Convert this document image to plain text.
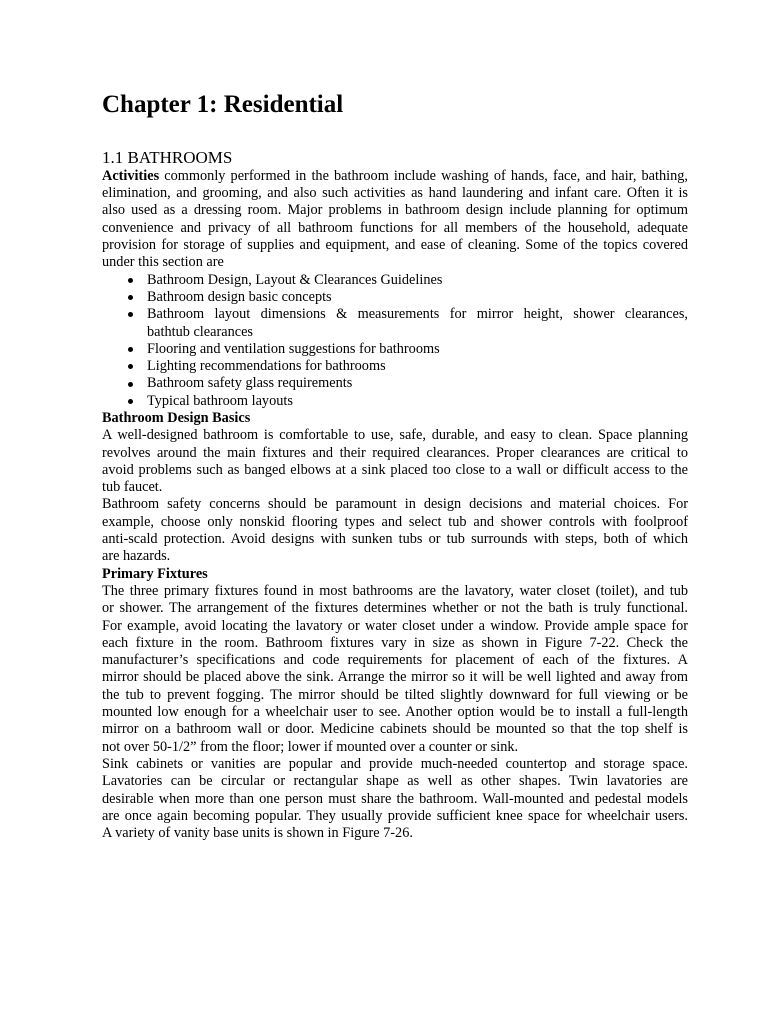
Chapter 1: Residential
1.1 BATHROOMS
Activities commonly performed in the bathroom include washing of hands, face, and hair, bathing,
elimination, and grooming, and also such activities as hand laundering and infant care. Often it is
also used as a dressing room. Major problems in bathroom design include planning for optimum
convenience and privacy of all bathroom functions for all members of the household, adequate
provision for storage of supplies and equipment, and ease of cleaning. Some of the topics covered
under this section are
Bathroom Design, Layout & Clearances Guidelines
Bathroom design basic concepts
Bathroom layout dimensions & measurements for mirror height, shower clearances,
bathtub clearances
Flooring and ventilation suggestions for bathrooms
Lighting recommendations for bathrooms
Bathroom safety glass requirements
Typical bathroom layouts
Bathroom Design Basics
A well-designed bathroom is comfortable to use, safe, durable, and easy to clean. Space planning
revolves around the main fixtures and their required clearances. Proper clearances are critical to
avoid problems such as banged elbows at a sink placed too close to a wall or difficult access to the
tub faucet.
Bathroom safety concerns should be paramount in design decisions and material choices. For
example, choose only nonskid flooring types and select tub and shower controls with foolproof
anti-scald protection. Avoid designs with sunken tubs or tub surrounds with steps, both of which
are hazards.
Primary Fixtures
The three primary fixtures found in most bathrooms are the lavatory, water closet (toilet), and tub
or shower. The arrangement of the fixtures determines whether or not the bath is truly functional.
For example, avoid locating the lavatory or water closet under a window. Provide ample space for
each fixture in the room. Bathroom fixtures vary in size as shown in Figure 7-22. Check the
manufacturer’s specifications and code requirements for placement of each of the fixtures. A
mirror should be placed above the sink. Arrange the mirror so it will be well lighted and away from
the tub to prevent fogging. The mirror should be tilted slightly downward for full viewing or be
mounted low enough for a wheelchair user to see. Another option would be to install a full-length
mirror on a bathroom wall or door. Medicine cabinets should be mounted so that the top shelf is
not over 50-1/2” from the floor; lower if mounted over a counter or sink.
Sink cabinets or vanities are popular and provide much-needed countertop and storage space.
Lavatories can be circular or rectangular shape as well as other shapes. Twin lavatories are
desirable when more than one person must share the bathroom. Wall-mounted and pedestal models
are once again becoming popular. They usually provide sufficient knee space for wheelchair users.
A variety of vanity base units is shown in Figure 7-26.
